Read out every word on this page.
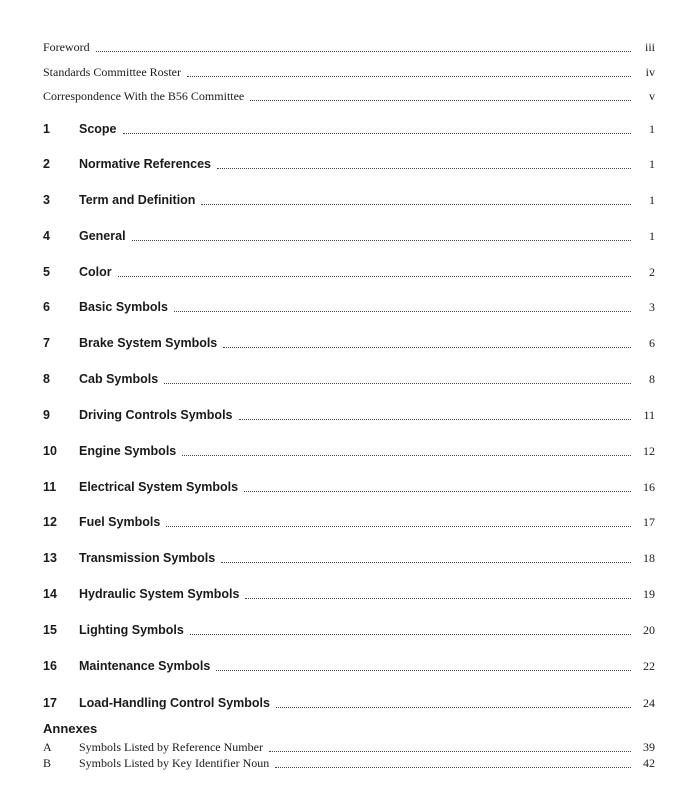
Foreword	iii
Standards Committee Roster	iv
Correspondence With the B56 Committee	v
1	Scope	1
2	Normative References	1
3	Term and Definition	1
4	General	1
5	Color	2
6	Basic Symbols	3
7	Brake System Symbols	6
8	Cab Symbols	8
9	Driving Controls Symbols	11
10	Engine Symbols	12
11	Electrical System Symbols	16
12	Fuel Symbols	17
13	Transmission Symbols	18
14	Hydraulic System Symbols	19
15	Lighting Symbols	20
16	Maintenance Symbols	22
17	Load-Handling Control Symbols	24
Annexes
A	Symbols Listed by Reference Number	39
B	Symbols Listed by Key Identifier Noun	42
